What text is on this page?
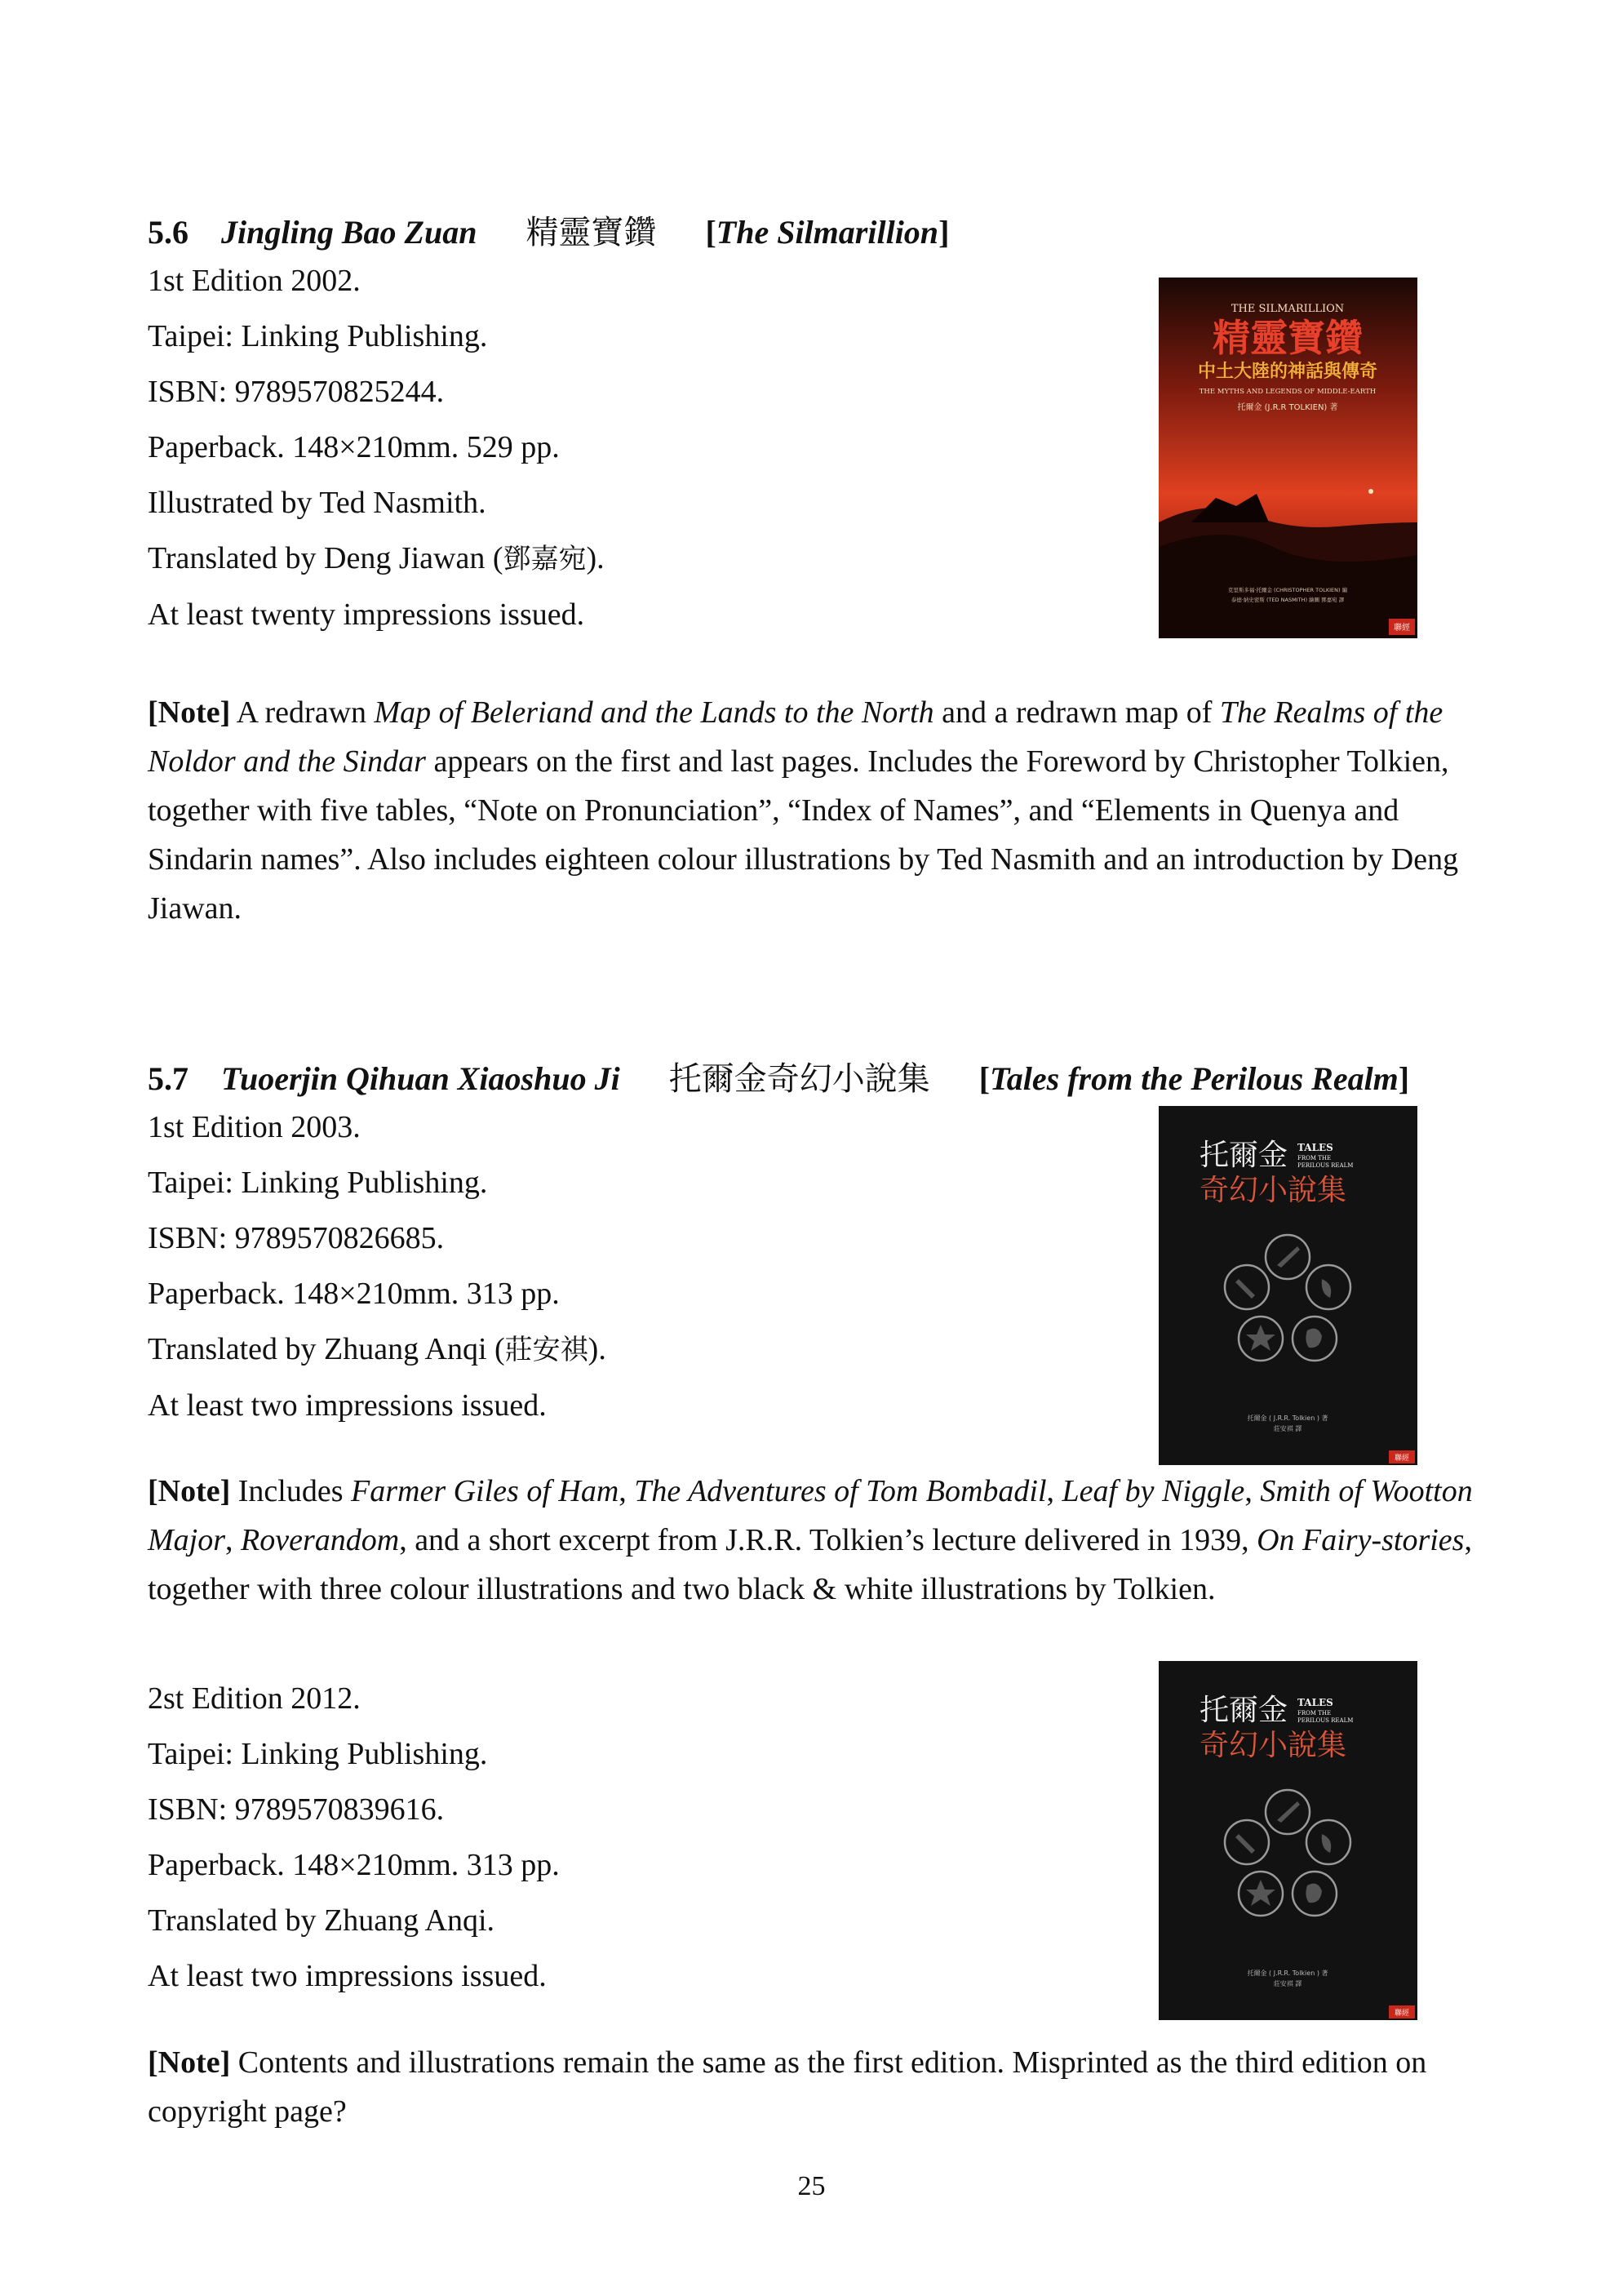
5.6 Jingling Bao Zuan 精靈寶鑽 [The Silmarillion]
1st Edition 2002.
Taipei: Linking Publishing.
ISBN: 9789570825244.
Paperback. 148×210mm. 529 pp.
Illustrated by Ted Nasmith.
Translated by Deng Jiawan (鄧嘉宛).
At least twenty impressions issued.
THE SILMARILLION
精靈寶鑽
中土大陸的神話與傳奇
THE MYTHS AND LEGENDS OF MIDDLE-EARTH
托爾金 (J.R.R TOLKIEN) 著
克里斯多福·托爾金 (CHRISTOPHER TOLKIEN) 編
泰德·納史密斯 (TED NASMITH) 繪圖 鄧嘉宛 譯
聯經
[Note] A redrawn Map of Beleriand and the Lands to the North and a redrawn map of The Realms of the Noldor and the Sindar appears on the first and last pages. Includes the Foreword by Christopher Tolkien, together with five tables, “Note on Pronunciation”, “Index of Names”, and “Elements in Quenya and Sindarin names”. Also includes eighteen colour illustrations by Ted Nasmith and an introduction by Deng Jiawan.
5.7 Tuoerjin Qihuan Xiaoshuo Ji 托爾金奇幻小說集 [Tales from the Perilous Realm]
1st Edition 2003.
Taipei: Linking Publishing.
ISBN: 9789570826685.
Paperback. 148×210mm. 313 pp.
Translated by Zhuang Anqi (莊安祺).
At least two impressions issued.
托爾金 TALES
FROM THE
PERILOUS REALM
奇幻小說集
托爾金 ( J.R.R. Tolkien ) 著
莊安祺 譯
聯經
[Note] Includes Farmer Giles of Ham, The Adventures of Tom Bombadil, Leaf by Niggle, Smith of Wootton Major, Roverandom, and a short excerpt from J.R.R. Tolkien’s lecture delivered in 1939, On Fairy-stories, together with three colour illustrations and two black & white illustrations by Tolkien.
2st Edition 2012.
Taipei: Linking Publishing.
ISBN: 9789570839616.
Paperback. 148×210mm. 313 pp.
Translated by Zhuang Anqi.
At least two impressions issued.
托爾金 TALES
FROM THE
PERILOUS REALM
奇幻小說集
托爾金 ( J.R.R. Tolkien ) 著
莊安祺 譯
聯經
[Note] Contents and illustrations remain the same as the first edition. Misprinted as the third edition on copyright page?
25
